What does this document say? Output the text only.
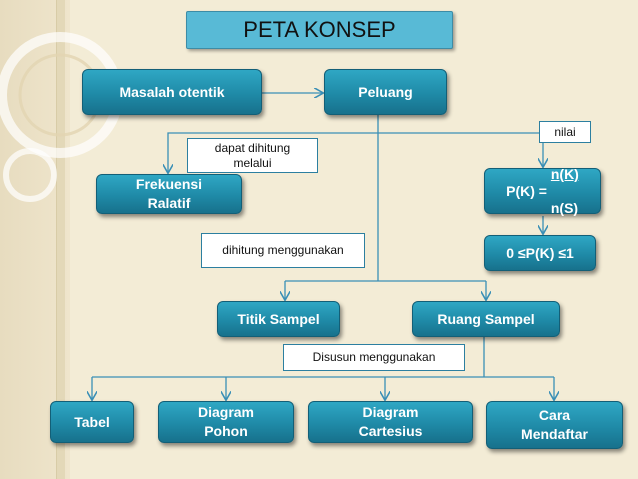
PETA KONSEP
Masalah otentik	Peluang
Frekuensi
Ralatif
$P(K) = \frac{n(K)}{n(S)}$

0 ≤P(K) ≤1
Titik Sampel	Ruang Sampel
Tabel
Diagram
Pohon
Diagram
Cartesius
Cara
Mendaftar
dapat dihitung
melalui
nilai
dihitung menggunakan
Disusun menggunakan
